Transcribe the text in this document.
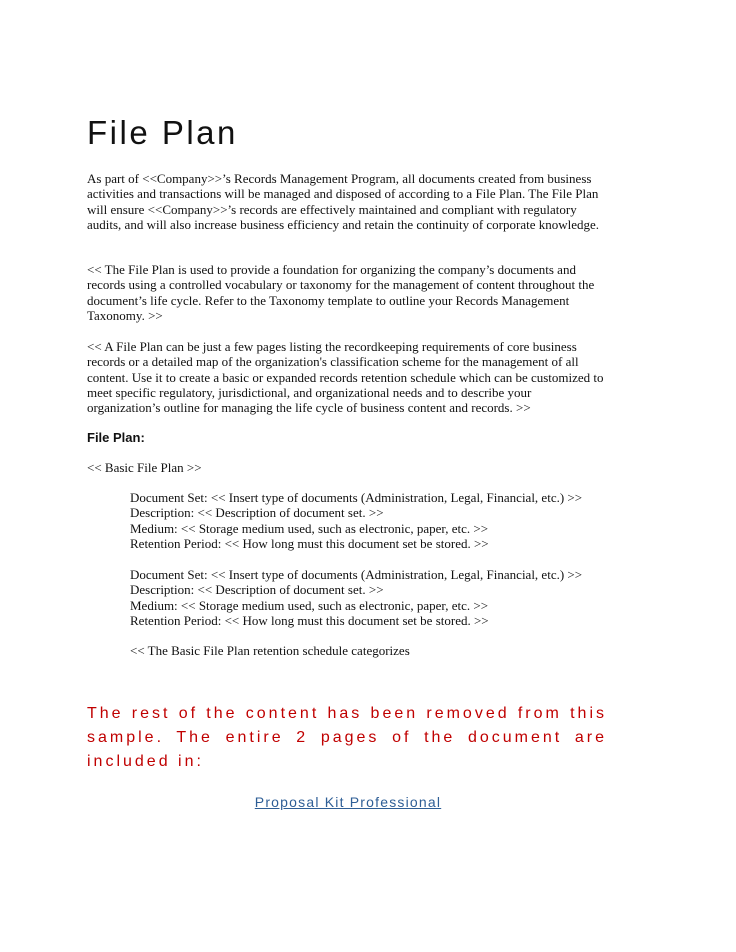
File Plan

As part of <<Company>>’s Records Management Program, all documents created from business activities and transactions will be managed and disposed of according to a File Plan. The File Plan will ensure <<Company>>’s records are effectively maintained and compliant with regulatory audits, and will also increase business efficiency and retain the continuity of corporate knowledge.

<< The File Plan is used to provide a foundation for organizing the company’s documents and records using a controlled vocabulary or taxonomy for the management of content throughout the document’s life cycle. Refer to the Taxonomy template to outline your Records Management Taxonomy. >>

<< A File Plan can be just a few pages listing the recordkeeping requirements of core business records or a detailed map of the organization's classification scheme for the management of all content. Use it to create a basic or expanded records retention schedule which can be customized to meet specific regulatory, jurisdictional, and organizational needs and to describe your organization’s outline for managing the life cycle of business content and records. >>

File Plan:

<< Basic File Plan >>

Document Set: << Insert type of documents (Administration, Legal, Financial, etc.) >>
Description: << Description of document set. >>
Medium: << Storage medium used, such as electronic, paper, etc. >>
Retention Period: << How long must this document set be stored. >>
Document Set: << Insert type of documents (Administration, Legal, Financial, etc.) >>
Description: << Description of document set. >>
Medium: << Storage medium used, such as electronic, paper, etc. >>
Retention Period: << How long must this document set be stored. >>

<< The Basic File Plan retention schedule categorizes

The rest of the content has been removed from this sample. The entire 2 pages of the document are included in:

Proposal Kit Professional
